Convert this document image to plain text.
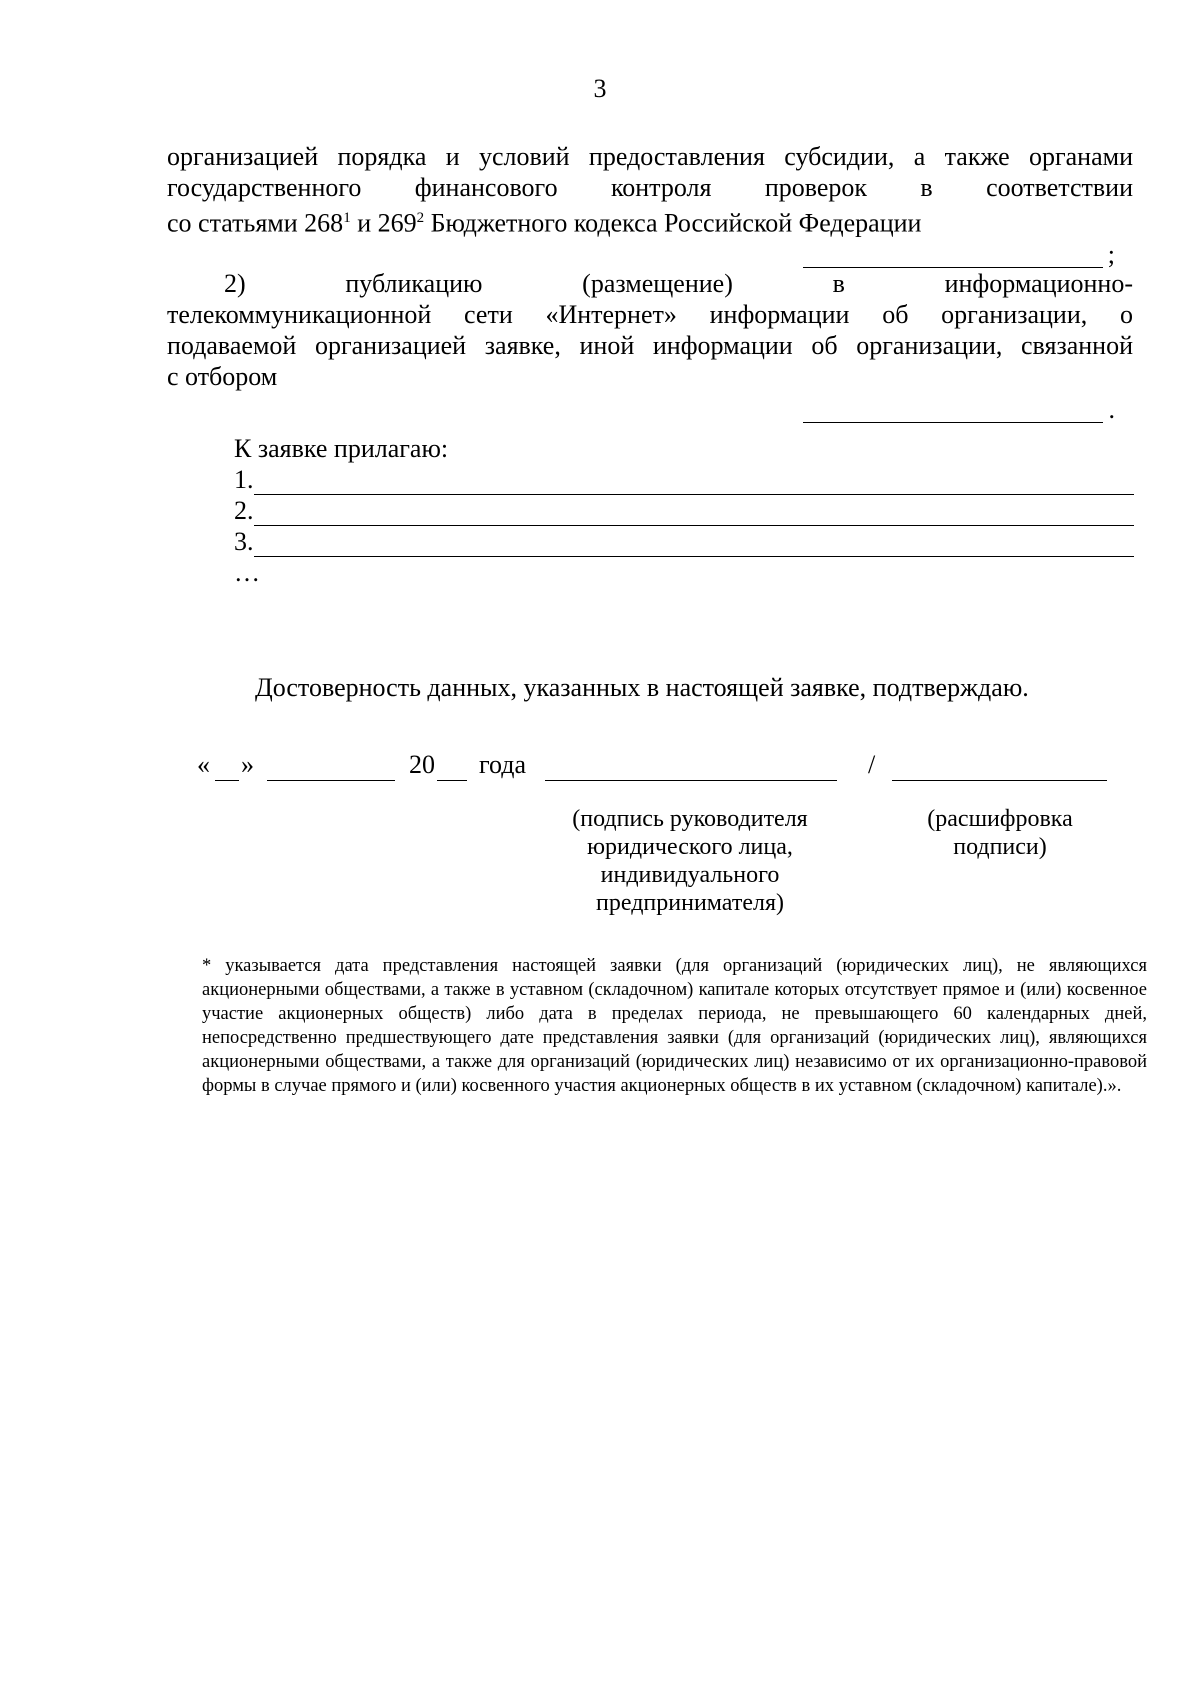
3
организацией порядка и условий предоставления субсидии, а также органами
государственного финансового контроля проверок в соответствии
со статьями $268^1$ и $269^2$ Бюджетного кодекса Российской Федерации
;
2) публикацию (размещение) в информационно-
телекоммуникационной сети «Интернет» информации об организации, о
подаваемой организацией заявке, иной информации об организации, связанной
с отбором
.
К заявке прилагаю:
1.
2.
3.
…
Достоверность данных, указанных в настоящей заявке, подтверждаю.
« »	20 года	/
(подпись руководителя юридического лица, индивидуального предпринимателя)
(расшифровка подписи)
* указывается дата представления настоящей заявки (для организаций (юридических лиц), не являющихся акционерными обществами, а также в уставном (складочном) капитале которых отсутствует прямое и (или) косвенное участие акционерных обществ) либо дата в пределах периода, не превышающего 60 календарных дней, непосредственно предшествующего дате представления заявки (для организаций (юридических лиц), являющихся акционерными обществами, а также для организаций (юридических лиц) независимо от их организационно-правовой формы в случае прямого и (или) косвенного участия акционерных обществ в их уставном (складочном) капитале).».
